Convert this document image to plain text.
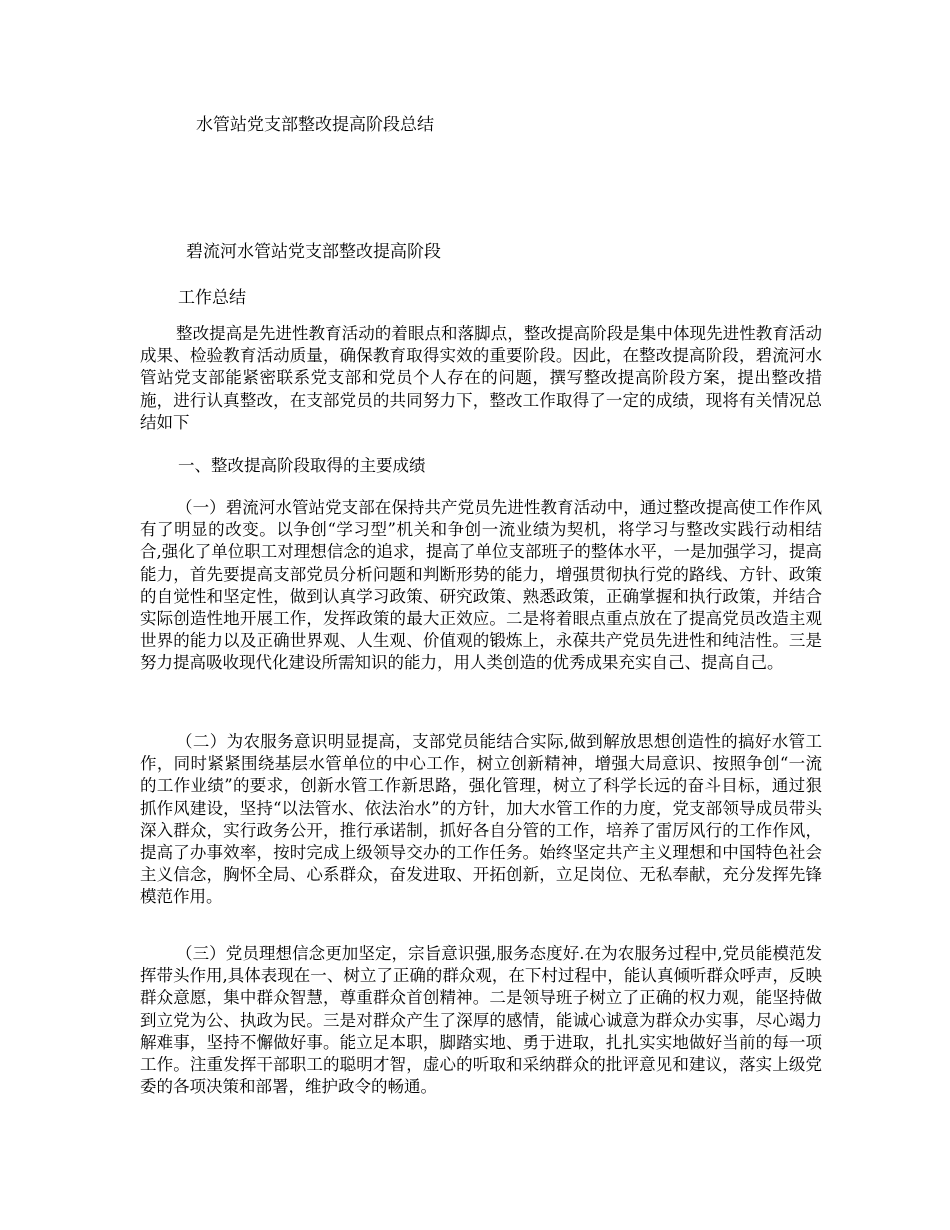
水管站党支部整改提高阶段总结
碧流河水管站党支部整改提高阶段
工作总结

整改提高是先进性教育活动的着眼点和落脚点，整改提高阶段是集中体现先进性教育活动成果、检验教育活动质量，确保教育取得实效的重要阶段。因此，在整改提高阶段，碧流河水管站党支部能紧密联系党支部和党员个人存在的问题，撰写整改提高阶段方案，提出整改措施，进行认真整改，在支部党员的共同努力下，整改工作取得了一定的成绩，现将有关情况总结如下

一、整改提高阶段取得的主要成绩

（一）碧流河水管站党支部在保持共产党员先进性教育活动中，通过整改提高使工作作风有了明显的改变。以争创“学习型”机关和争创一流业绩为契机，将学习与整改实践行动相结合,强化了单位职工对理想信念的追求，提高了单位支部班子的整体水平，一是加强学习，提高能力，首先要提高支部党员分析问题和判断形势的能力，增强贯彻执行党的路线、方针、政策的自觉性和坚定性，做到认真学习政策、研究政策、熟悉政策，正确掌握和执行政策，并结合实际创造性地开展工作，发挥政策的最大正效应。二是将着眼点重点放在了提高党员改造主观世界的能力以及正确世界观、人生观、价值观的锻炼上，永葆共产党员先进性和纯洁性。三是努力提高吸收现代化建设所需知识的能力，用人类创造的优秀成果充实自己、提高自己。

（二）为农服务意识明显提高，支部党员能结合实际,做到解放思想创造性的搞好水管工作，同时紧紧围绕基层水管单位的中心工作，树立创新精神，增强大局意识、按照争创“一流的工作业绩”的要求，创新水管工作新思路，强化管理，树立了科学长远的奋斗目标，通过狠抓作风建设，坚持“以法管水、依法治水”的方针，加大水管工作的力度，党支部领导成员带头深入群众，实行政务公开，推行承诺制，抓好各自分管的工作，培养了雷厉风行的工作作风，提高了办事效率，按时完成上级领导交办的工作任务。始终坚定共产主义理想和中国特色社会主义信念，胸怀全局、心系群众，奋发进取、开拓创新，立足岗位、无私奉献，充分发挥先锋模范作用。

（三）党员理想信念更加坚定，宗旨意识强,服务态度好.在为农服务过程中,党员能模范发挥带头作用,具体表现在一、树立了正确的群众观，在下村过程中，能认真倾听群众呼声，反映群众意愿，集中群众智慧，尊重群众首创精神。二是领导班子树立了正确的权力观，能坚持做到立党为公、执政为民。三是对群众产生了深厚的感情，能诚心诚意为群众办实事，尽心竭力解难事，坚持不懈做好事。能立足本职，脚踏实地、勇于进取，扎扎实实地做好当前的每一项工作。注重发挥干部职工的聪明才智，虚心的听取和采纳群众的批评意见和建议，落实上级党委的各项决策和部署，维护政令的畅通。
